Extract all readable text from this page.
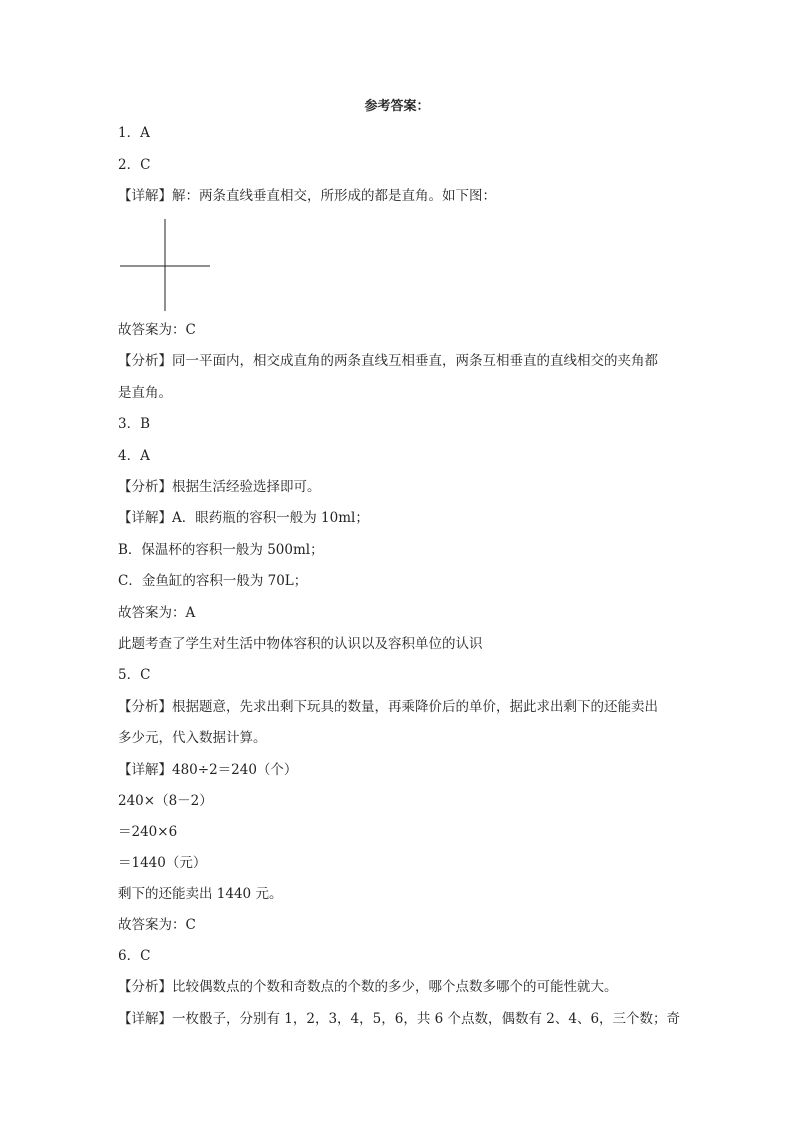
参考答案：
1．A
2．C
【详解】解：两条直线垂直相交，所形成的都是直角。如下图：
故答案为：C
【分析】同一平面内，相交成直角的两条直线互相垂直，两条互相垂直的直线相交的夹角都
是直角。
3．B
4．A
【分析】根据生活经验选择即可。
【详解】A．眼药瓶的容积一般为 10ml；
B．保温杯的容积一般为 500ml；
C．金鱼缸的容积一般为 70L；
故答案为：A
此题考查了学生对生活中物体容积的认识以及容积单位的认识
5．C
【分析】根据题意，先求出剩下玩具的数量，再乘降价后的单价，据此求出剩下的还能卖出
多少元，代入数据计算。
【详解】480÷2＝240（个）
240×（8－2）
＝240×6
＝1440（元）
剩下的还能卖出 1440 元。
故答案为：C
6．C
【分析】比较偶数点的个数和奇数点的个数的多少，哪个点数多哪个的可能性就大。
【详解】一枚骰子，分别有 1，2，3，4，5，6，共 6 个点数，偶数有 2、4、6，三个数；奇
